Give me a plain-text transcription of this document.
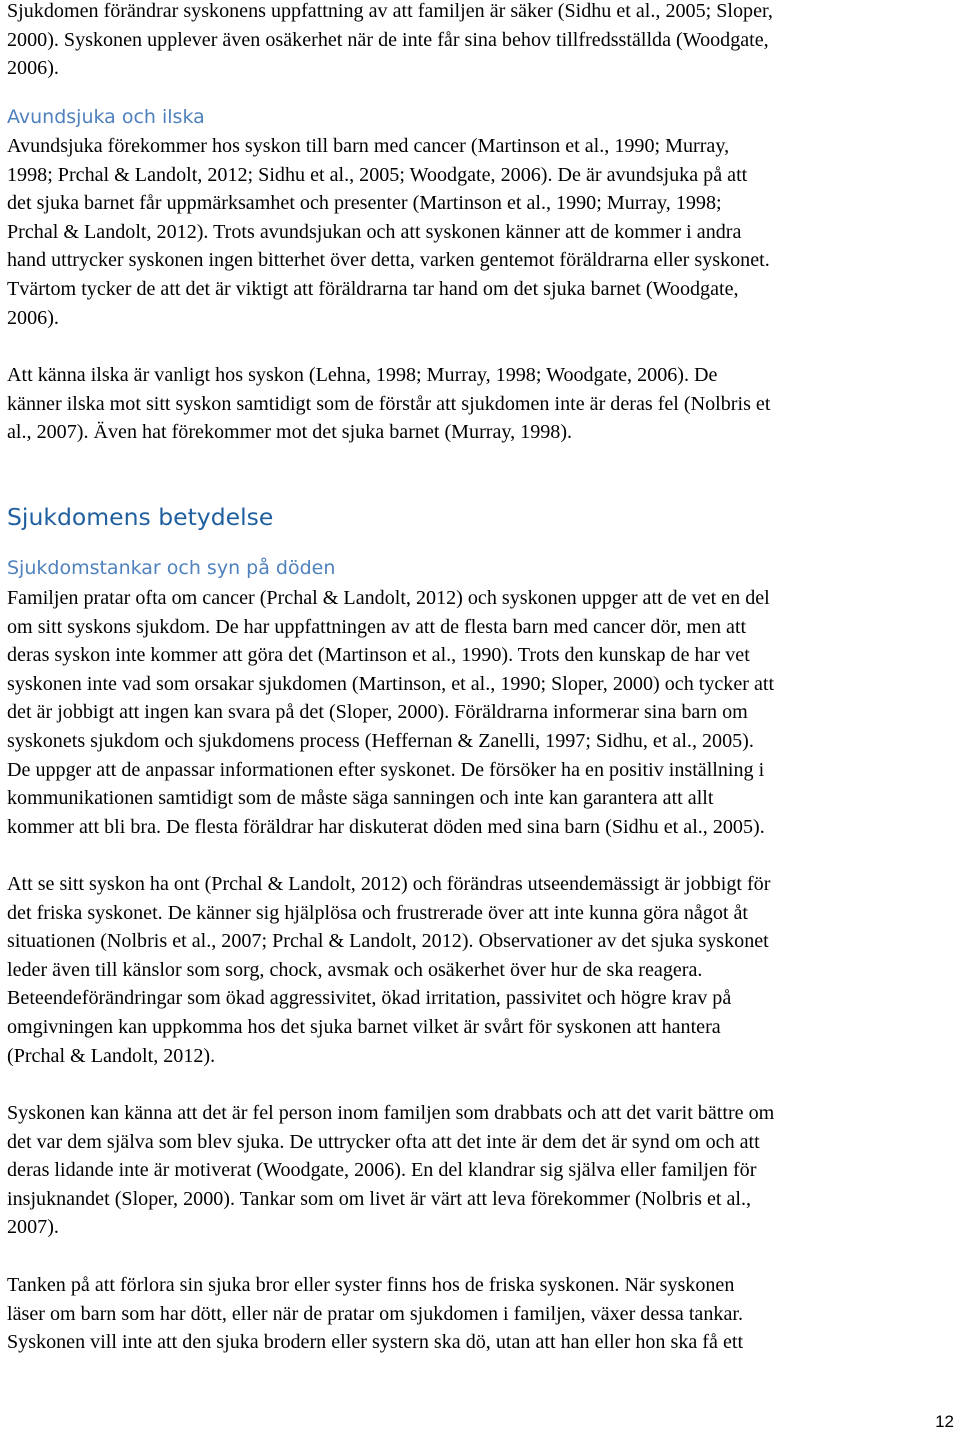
Sjukdomen förändrar syskonens uppfattning av att familjen är säker (Sidhu et al., 2005; Sloper,
2000). Syskonen upplever även osäkerhet när de inte får sina behov tillfredsställda (Woodgate,
2006).
Avundsjuka och ilska
Avundsjuka förekommer hos syskon till barn med cancer (Martinson et al., 1990; Murray,
1998; Prchal & Landolt, 2012; Sidhu et al., 2005; Woodgate, 2006). De är avundsjuka på att
det sjuka barnet får uppmärksamhet och presenter (Martinson et al., 1990; Murray, 1998;
Prchal & Landolt, 2012). Trots avundsjukan och att syskonen känner att de kommer i andra
hand uttrycker syskonen ingen bitterhet över detta, varken gentemot föräldrarna eller syskonet.
Tvärtom tycker de att det är viktigt att föräldrarna tar hand om det sjuka barnet (Woodgate,
2006).
Att känna ilska är vanligt hos syskon (Lehna, 1998; Murray, 1998; Woodgate, 2006). De
känner ilska mot sitt syskon samtidigt som de förstår att sjukdomen inte är deras fel (Nolbris et
al., 2007). Även hat förekommer mot det sjuka barnet (Murray, 1998).
Sjukdomens betydelse
Sjukdomstankar och syn på döden
Familjen pratar ofta om cancer (Prchal & Landolt, 2012) och syskonen uppger att de vet en del
om sitt syskons sjukdom. De har uppfattningen av att de flesta barn med cancer dör, men att
deras syskon inte kommer att göra det (Martinson et al., 1990). Trots den kunskap de har vet
syskonen inte vad som orsakar sjukdomen (Martinson, et al., 1990; Sloper, 2000) och tycker att
det är jobbigt att ingen kan svara på det (Sloper, 2000). Föräldrarna informerar sina barn om
syskonets sjukdom och sjukdomens process (Heffernan & Zanelli, 1997; Sidhu, et al., 2005).
De uppger att de anpassar informationen efter syskonet. De försöker ha en positiv inställning i
kommunikationen samtidigt som de måste säga sanningen och inte kan garantera att allt
kommer att bli bra. De flesta föräldrar har diskuterat döden med sina barn (Sidhu et al., 2005).
Att se sitt syskon ha ont (Prchal & Landolt, 2012) och förändras utseendemässigt är jobbigt för
det friska syskonet. De känner sig hjälplösa och frustrerade över att inte kunna göra något åt
situationen (Nolbris et al., 2007; Prchal & Landolt, 2012). Observationer av det sjuka syskonet
leder även till känslor som sorg, chock, avsmak och osäkerhet över hur de ska reagera.
Beteendeförändringar som ökad aggressivitet, ökad irritation, passivitet och högre krav på
omgivningen kan uppkomma hos det sjuka barnet vilket är svårt för syskonen att hantera
(Prchal & Landolt, 2012).
Syskonen kan känna att det är fel person inom familjen som drabbats och att det varit bättre om
det var dem själva som blev sjuka. De uttrycker ofta att det inte är dem det är synd om och att
deras lidande inte är motiverat (Woodgate, 2006). En del klandrar sig själva eller familjen för
insjuknandet (Sloper, 2000). Tankar som om livet är värt att leva förekommer (Nolbris et al.,
2007).
Tanken på att förlora sin sjuka bror eller syster finns hos de friska syskonen. När syskonen
läser om barn som har dött, eller när de pratar om sjukdomen i familjen, växer dessa tankar.
Syskonen vill inte att den sjuka brodern eller systern ska dö, utan att han eller hon ska få ett
12
